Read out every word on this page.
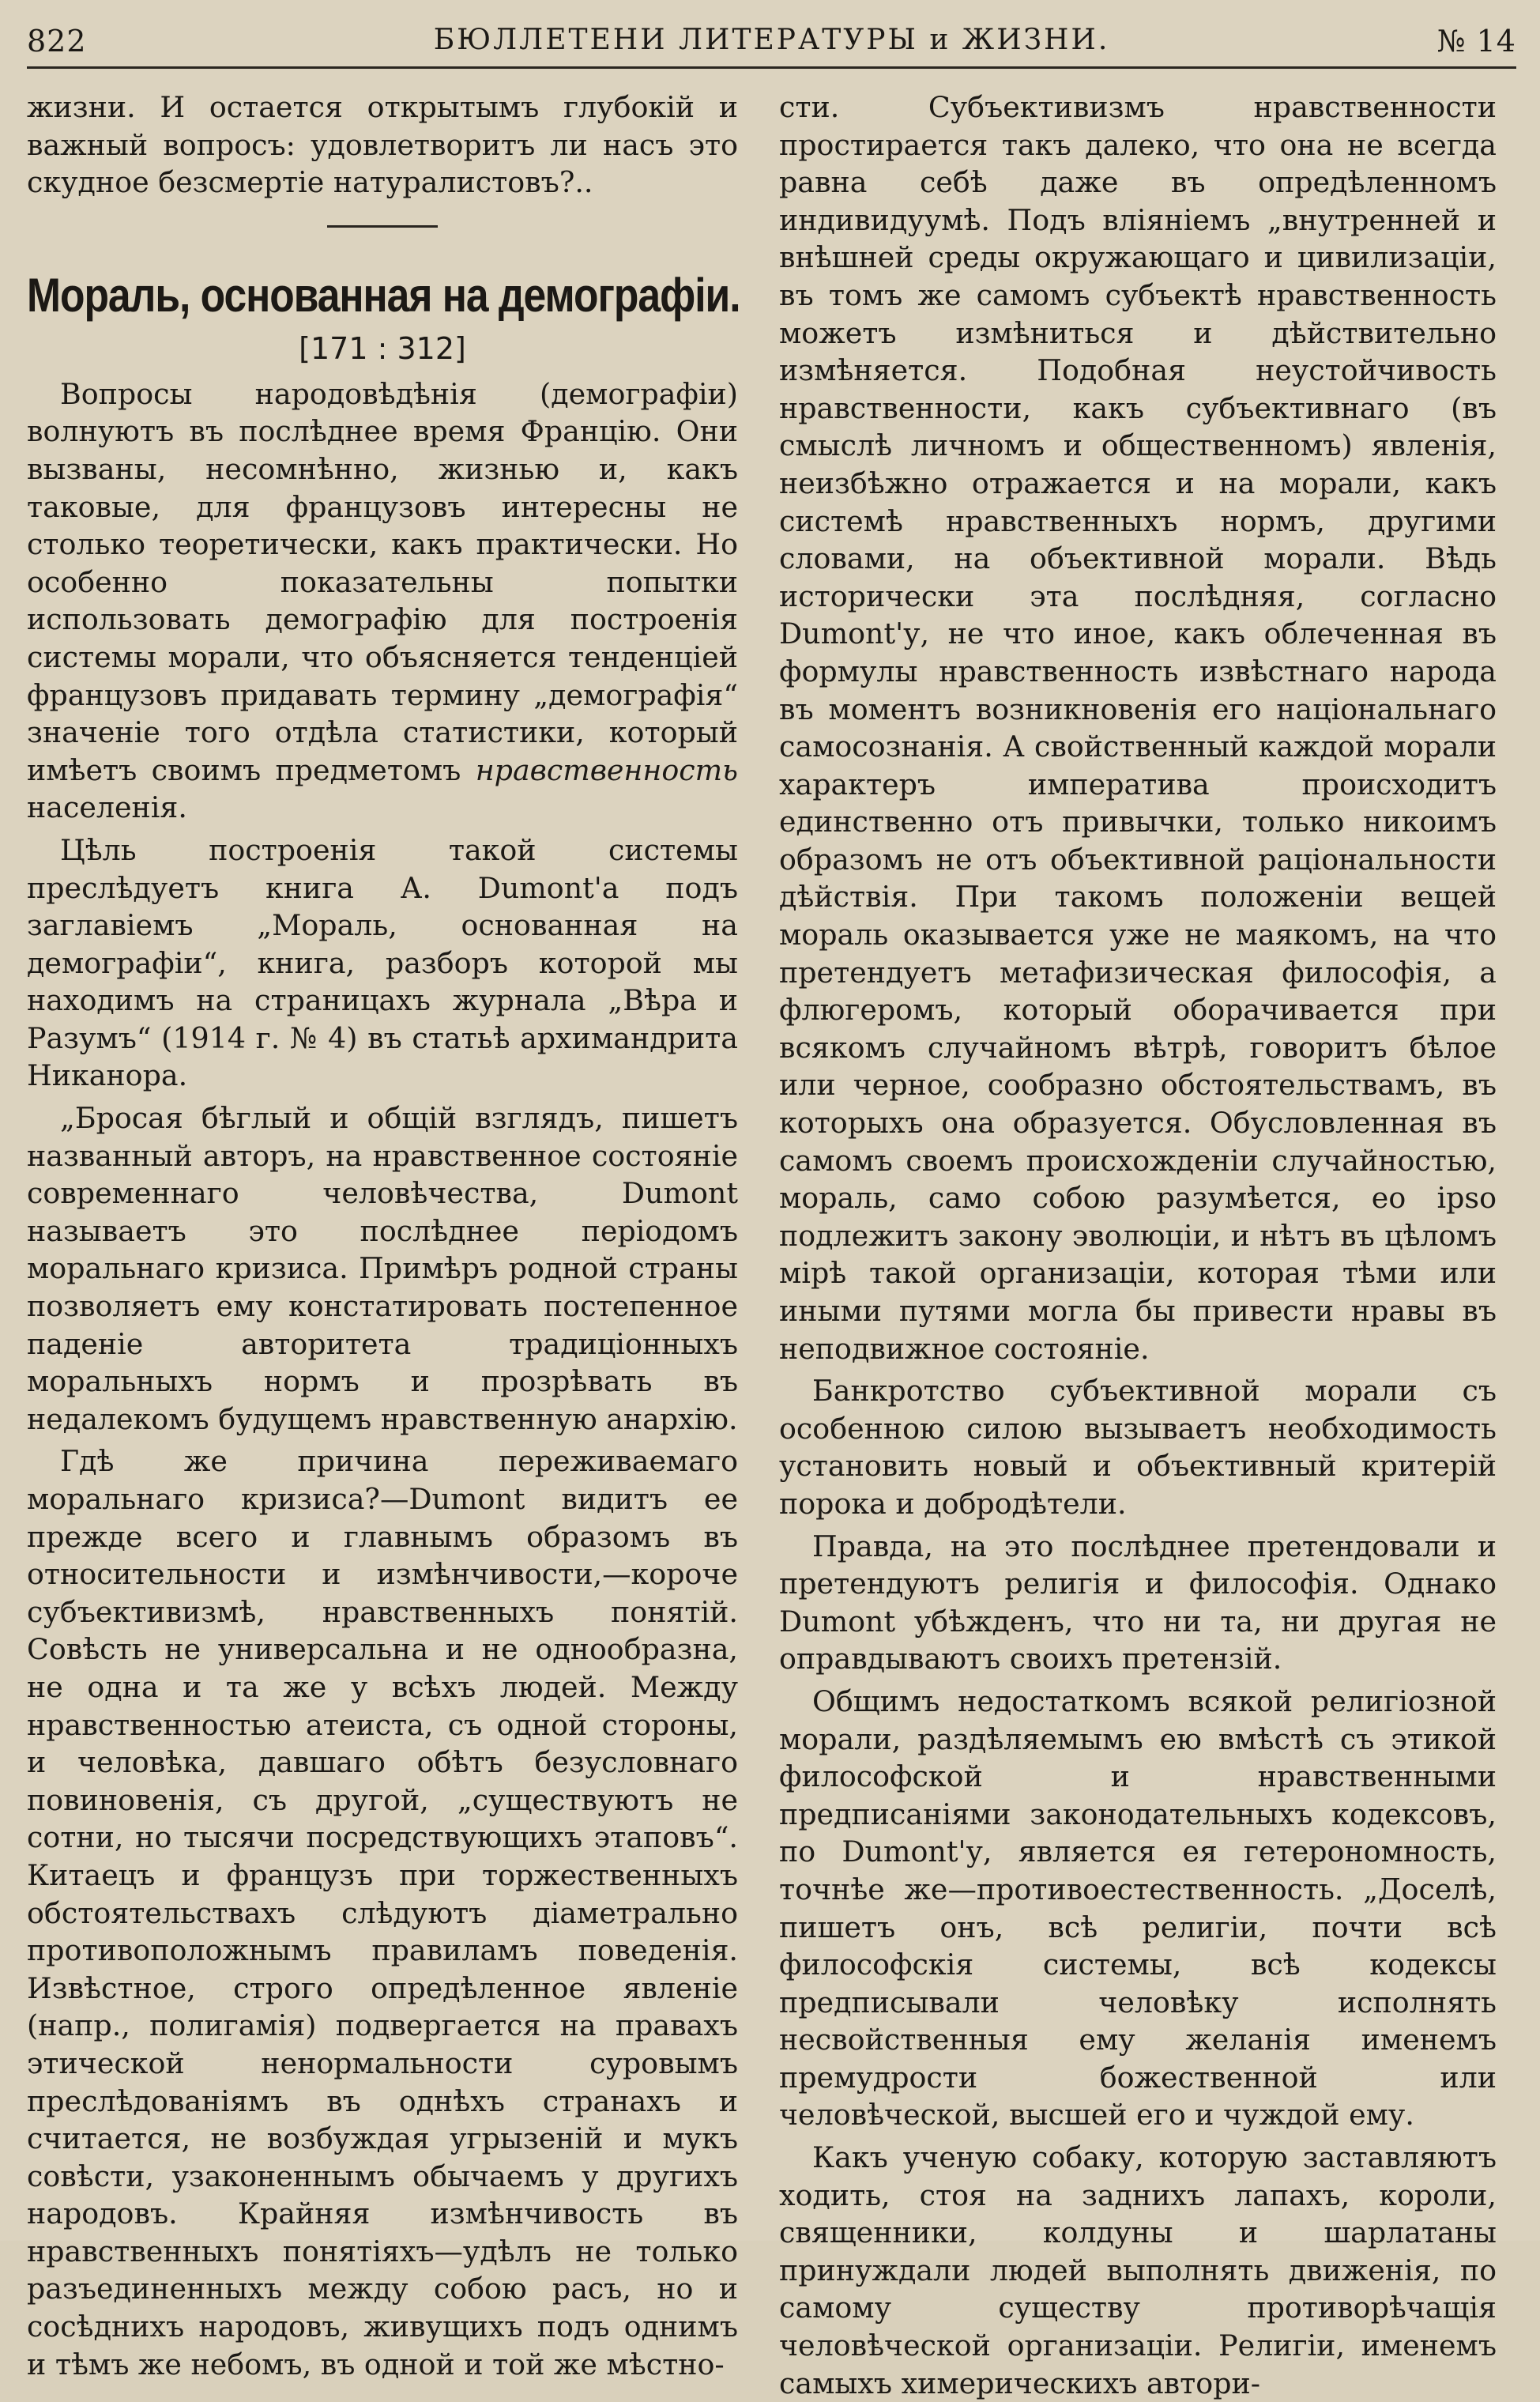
822	БЮЛЛЕТЕНИ ЛИТЕРАТУРЫ и ЖИЗНИ.	№ 14

жизни. И остается открытымъ глубокій и важный вопросъ: удовлетворитъ ли насъ это скудное безсмертіе натуралистовъ?..

Мораль, основанная на демографіи.
[171 : 312]

Вопросы народовѣдѣнія (демографіи) волнуютъ въ послѣднее время Францію. Они вызваны, несомнѣнно, жизнью и, какъ таковые, для французовъ интересны не столько теоретически, какъ практически. Но особенно показательны попытки использовать демографію для построенія системы морали, что объясняется тенденціей французовъ придавать термину „демографія“ значеніе того отдѣла статистики, который имѣетъ своимъ предметомъ нравственность населенія.

Цѣль построенія такой системы преслѣдуетъ книга А. Dumont'а подъ заглавіемъ „Мораль, основанная на демографіи“, книга, разборъ которой мы находимъ на страницахъ журнала „Вѣра и Разумъ“ (1914 г. № 4) въ статьѣ архимандрита Никанора.

„Бросая бѣглый и общій взглядъ, пишетъ названный авторъ, на нравственное состояніе современнаго человѣчества, Dumont называетъ это послѣднее періодомъ моральнаго кризиса. Примѣръ родной страны позволяетъ ему констатировать постепенное паденіе авторитета традиціонныхъ моральныхъ нормъ и прозрѣвать въ недалекомъ будущемъ нравственную анархію.

Гдѣ же причина переживаемаго моральнаго кризиса?—Dumont видитъ ее прежде всего и главнымъ образомъ въ относительности и измѣнчивости,—короче субъективизмѣ, нравственныхъ понятій. Совѣсть не универсальна и не однообразна, не одна и та же у всѣхъ людей. Между нравственностью атеиста, съ одной стороны, и человѣка, давшаго обѣтъ безусловнаго повиновенія, съ другой, „существуютъ не сотни, но тысячи посредствующихъ этаповъ“. Китаецъ и французъ при торжественныхъ обстоятельствахъ слѣдуютъ діаметрально противоположнымъ правиламъ поведенія. Извѣстное, строго опредѣленное явленіе (напр., полигамія) подвергается на правахъ этической ненормальности суровымъ преслѣдованіямъ въ однѣхъ странахъ и считается, не возбуждая угрызеній и мукъ совѣсти, узаконеннымъ обычаемъ у другихъ народовъ. Крайняя измѣнчивость въ нравственныхъ понятіяхъ—удѣлъ не только разъединенныхъ между собою расъ, но и сосѣднихъ народовъ, живущихъ подъ однимъ и тѣмъ же небомъ, въ одной и той же мѣстно-

сти. Субъективизмъ нравственности простирается такъ далеко, что она не всегда равна себѣ даже въ опредѣленномъ индивидуумѣ. Подъ вліяніемъ „внутренней и внѣшней среды окружающаго и цивилизаціи, въ томъ же самомъ субъектѣ нравственность можетъ измѣниться и дѣйствительно измѣняется. Подобная неустойчивость нравственности, какъ субъективнаго (въ смыслѣ личномъ и общественномъ) явленія, неизбѣжно отражается и на морали, какъ системѣ нравственныхъ нормъ, другими словами, на объективной морали. Вѣдь исторически эта послѣдняя, согласно Dumont'у, не что иное, какъ облеченная въ формулы нравственность извѣстнаго народа въ моментъ возникновенія его національнаго самосознанія. А свойственный каждой морали характеръ императива происходитъ единственно отъ привычки, только никоимъ образомъ не отъ объективной раціональности дѣйствія. При такомъ положеніи вещей мораль оказывается уже не маякомъ, на что претендуетъ метафизическая философія, а флюгеромъ, который оборачивается при всякомъ случайномъ вѣтрѣ, говоритъ бѣлое или черное, сообразно обстоятельствамъ, въ которыхъ она образуется. Обусловленная въ самомъ своемъ происхожденіи случайностью, мораль, само собою разумѣется, eo ipso подлежитъ закону эволюціи, и нѣтъ въ цѣломъ мірѣ такой организаціи, которая тѣми или иными путями могла бы привести нравы въ неподвижное состояніе.

Банкротство субъективной морали съ особенною силою вызываетъ необходимость установить новый и объективный критерій порока и добродѣтели.

Правда, на это послѣднее претендовали и претендуютъ религія и философія. Однако Dumont убѣжденъ, что ни та, ни другая не оправдываютъ своихъ претензій.

Общимъ недостаткомъ всякой религіозной морали, раздѣляемымъ ею вмѣстѣ съ этикой философской и нравственными предписаніями законодательныхъ кодексовъ, по Dumont'у, является ея гетерономность, точнѣе же—противоестественность. „Доселѣ, пишетъ онъ, всѣ религіи, почти всѣ философскія системы, всѣ кодексы предписывали человѣку исполнять несвойственныя ему желанія именемъ премудрости божественной или человѣческой, высшей его и чуждой ему.

Какъ ученую собаку, которую заставляютъ ходить, стоя на заднихъ лапахъ, короли, священники, колдуны и шарлатаны принуждали людей выполнять движенія, по самому существу противорѣчащія человѣческой организаціи. Религіи, именемъ самыхъ химерическихъ автори-
